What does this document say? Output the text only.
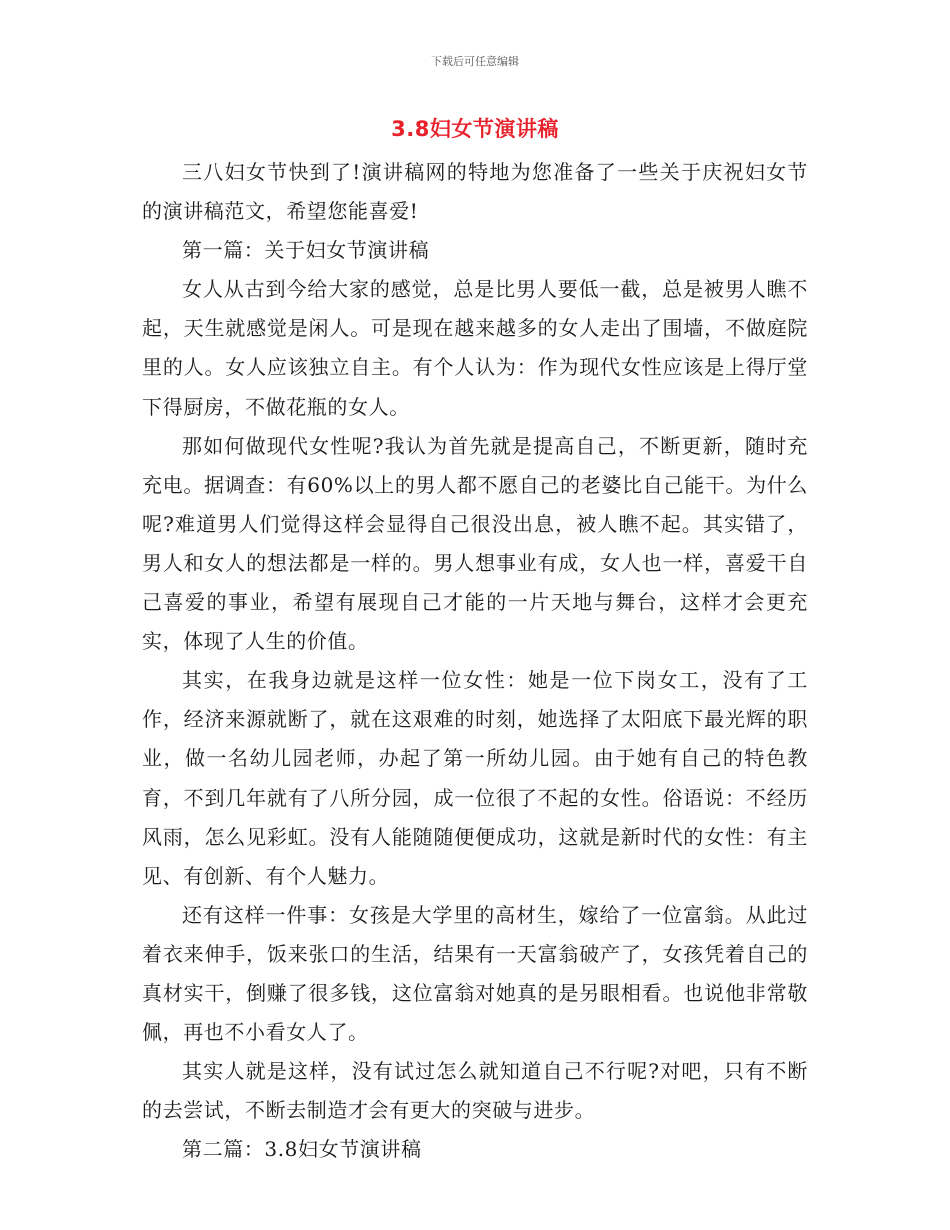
下载后可任意编辑
3.8妇女节演讲稿

三八妇女节快到了!演讲稿网的特地为您准备了一些关于庆祝妇女节的演讲稿范文，希望您能喜爱!

第一篇：关于妇女节演讲稿

女人从古到今给大家的感觉，总是比男人要低一截，总是被男人瞧不起，天生就感觉是闲人。可是现在越来越多的女人走出了围墙，不做庭院里的人。女人应该独立自主。有个人认为：作为现代女性应该是上得厅堂下得厨房，不做花瓶的女人。

那如何做现代女性呢?我认为首先就是提高自己，不断更新，随时充充电。据调查：有60%以上的男人都不愿自己的老婆比自己能干。为什么呢?难道男人们觉得这样会显得自己很没出息，被人瞧不起。其实错了，男人和女人的想法都是一样的。男人想事业有成，女人也一样，喜爱干自己喜爱的事业，希望有展现自己才能的一片天地与舞台，这样才会更充实，体现了人生的价值。

其实，在我身边就是这样一位女性：她是一位下岗女工，没有了工作，经济来源就断了，就在这艰难的时刻，她选择了太阳底下最光辉的职业，做一名幼儿园老师，办起了第一所幼儿园。由于她有自己的特色教育，不到几年就有了八所分园，成一位很了不起的女性。俗语说：不经历风雨，怎么见彩虹。没有人能随随便便成功，这就是新时代的女性：有主见、有创新、有个人魅力。

还有这样一件事：女孩是大学里的高材生，嫁给了一位富翁。从此过着衣来伸手，饭来张口的生活，结果有一天富翁破产了，女孩凭着自己的真材实干，倒赚了很多钱，这位富翁对她真的是另眼相看。也说他非常敬佩，再也不小看女人了。

其实人就是这样，没有试过怎么就知道自己不行呢?对吧，只有不断的去尝试，不断去制造才会有更大的突破与进步。

第二篇：3.8妇女节演讲稿
